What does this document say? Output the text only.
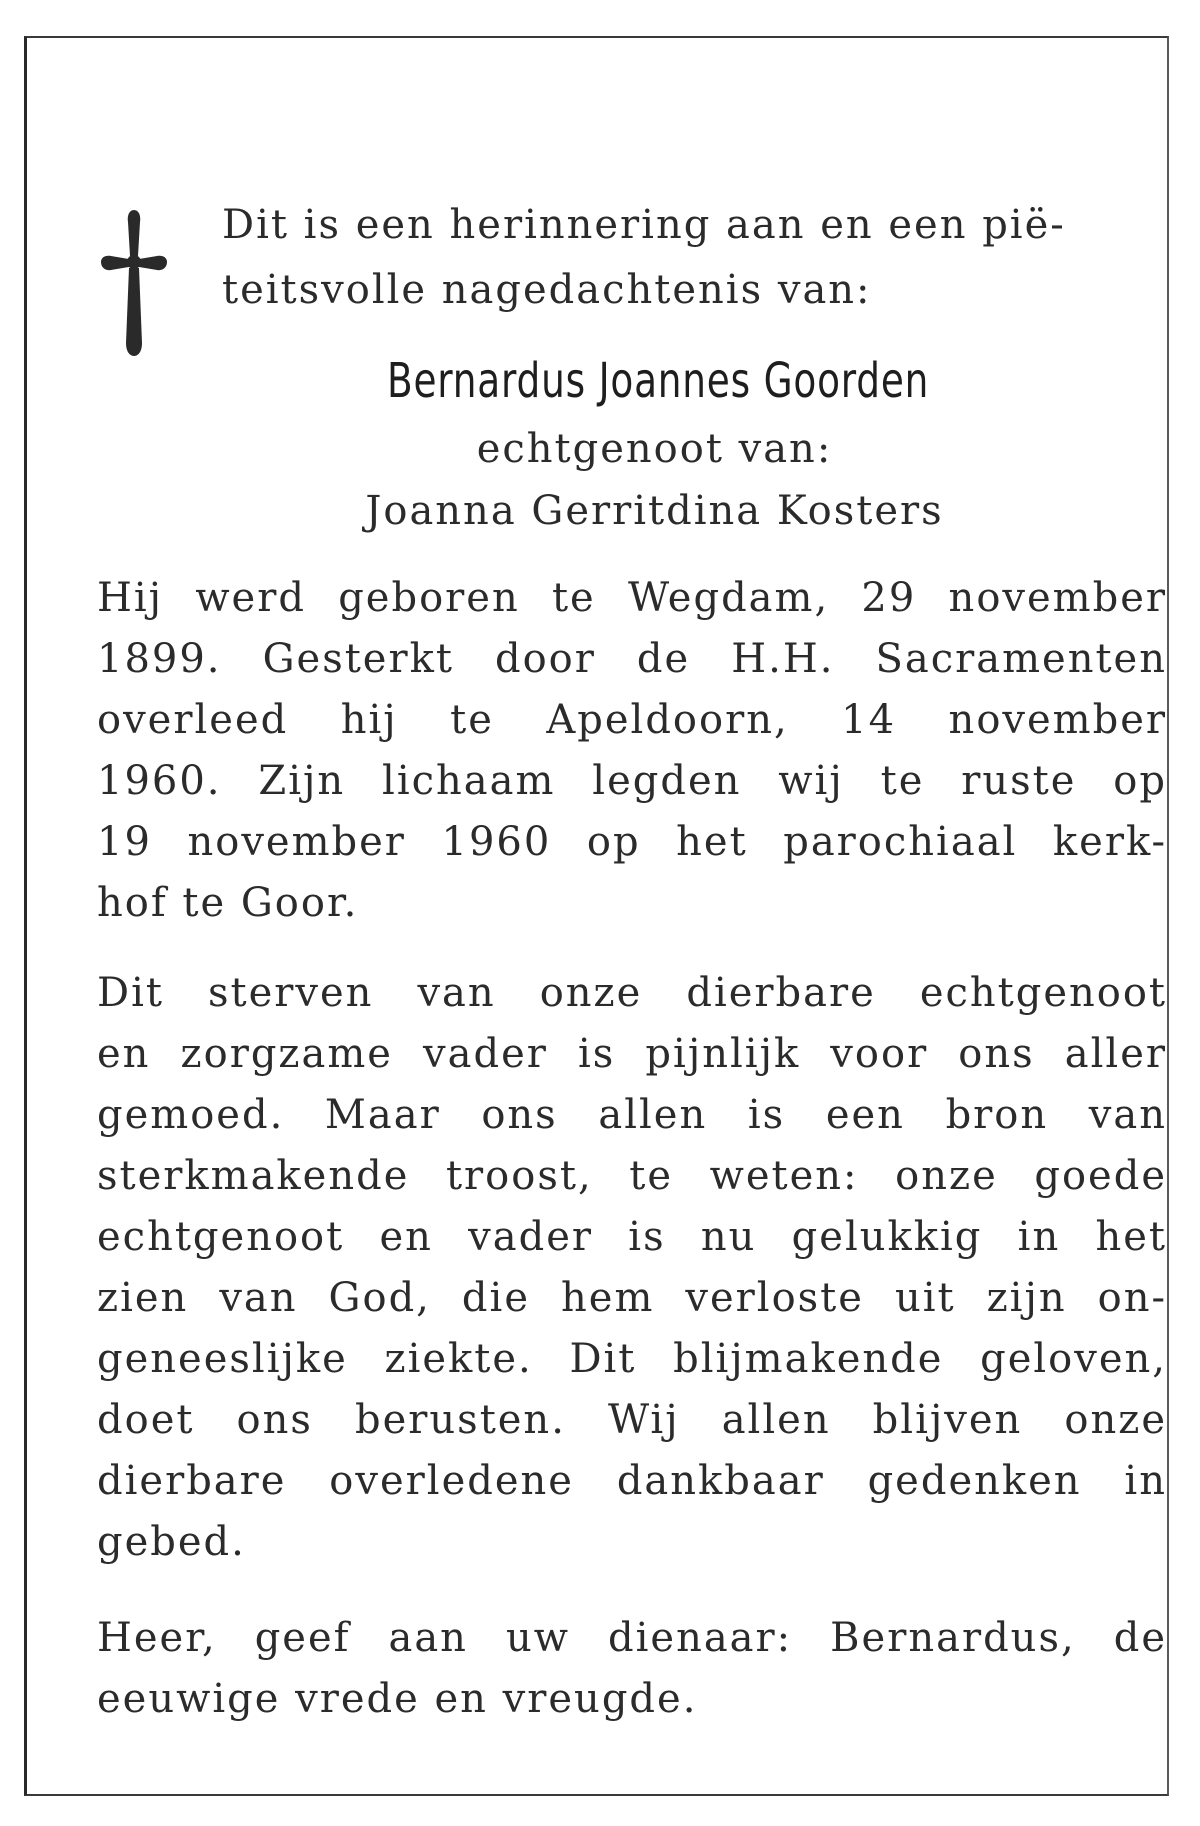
Dit is een herinnering aan en een pië-
teitsvolle nagedachtenis van:
Bernardus Joannes Goorden
echtgenoot van:
Joanna Gerritdina Kosters
Hij werd geboren te Wegdam, 29 november
1899. Gesterkt door de H.H. Sacramenten
overleed hij te Apeldoorn, 14 november
1960. Zijn lichaam legden wij te ruste op
19 november 1960 op het parochiaal kerk-
hof te Goor.
Dit sterven van onze dierbare echtgenoot
en zorgzame vader is pijnlijk voor ons aller
gemoed. Maar ons allen is een bron van
sterkmakende troost, te weten: onze goede
echtgenoot en vader is nu gelukkig in het
zien van God, die hem verloste uit zijn on-
geneeslijke ziekte. Dit blijmakende geloven,
doet ons berusten. Wij allen blijven onze
dierbare overledene dankbaar gedenken in
gebed.
Heer, geef aan uw dienaar: Bernardus, de
eeuwige vrede en vreugde.
